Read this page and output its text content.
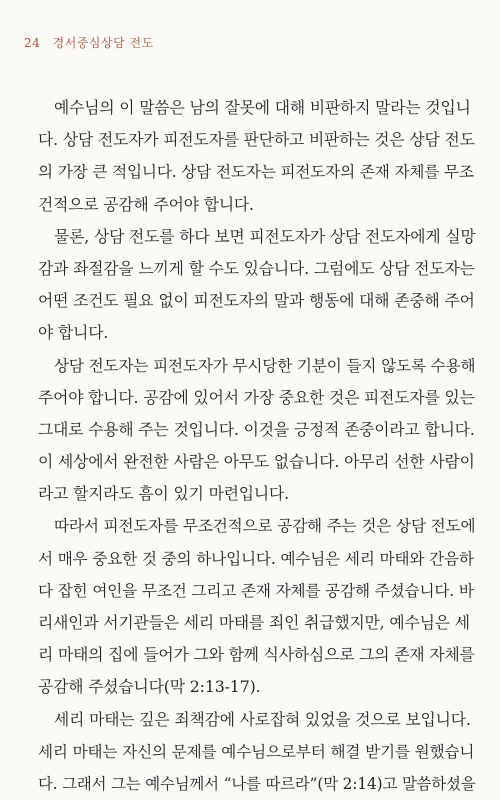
24 경서중심상담 전도
예수님의 이 말씀은 남의 잘못에 대해 비판하지 말라는 것입니
다. 상담 전도자가 피전도자를 판단하고 비판하는 것은 상담 전도
의 가장 큰 적입니다. 상담 전도자는 피전도자의 존재 자체를 무조
건적으로 공감해 주어야 합니다.
물론, 상담 전도를 하다 보면 피전도자가 상담 전도자에게 실망
감과 좌절감을 느끼게 할 수도 있습니다. 그럼에도 상담 전도자는
어떤 조건도 필요 없이 피전도자의 말과 행동에 대해 존중해 주어
야 합니다.
상담 전도자는 피전도자가 무시당한 기분이 들지 않도록 수용해
주어야 합니다. 공감에 있어서 가장 중요한 것은 피전도자를 있는
그대로 수용해 주는 것입니다. 이것을 긍정적 존중이라고 합니다.
이 세상에서 완전한 사람은 아무도 없습니다. 아무리 선한 사람이
라고 할지라도 흠이 있기 마련입니다.
따라서 피전도자를 무조건적으로 공감해 주는 것은 상담 전도에
서 매우 중요한 것 중의 하나입니다. 예수님은 세리 마태와 간음하
다 잡힌 여인을 무조건 그리고 존재 자체를 공감해 주셨습니다. 바
리새인과 서기관들은 세리 마태를 죄인 취급했지만, 예수님은 세
리 마태의 집에 들어가 그와 함께 식사하심으로 그의 존재 자체를
공감해 주셨습니다(막 2:13-17).
세리 마태는 깊은 죄책감에 사로잡혀 있었을 것으로 보입니다.
세리 마태는 자신의 문제를 예수님으로부터 해결 받기를 원했습니
다. 그래서 그는 예수님께서 “나를 따르라”(막 2:14)고 말씀하셨을
